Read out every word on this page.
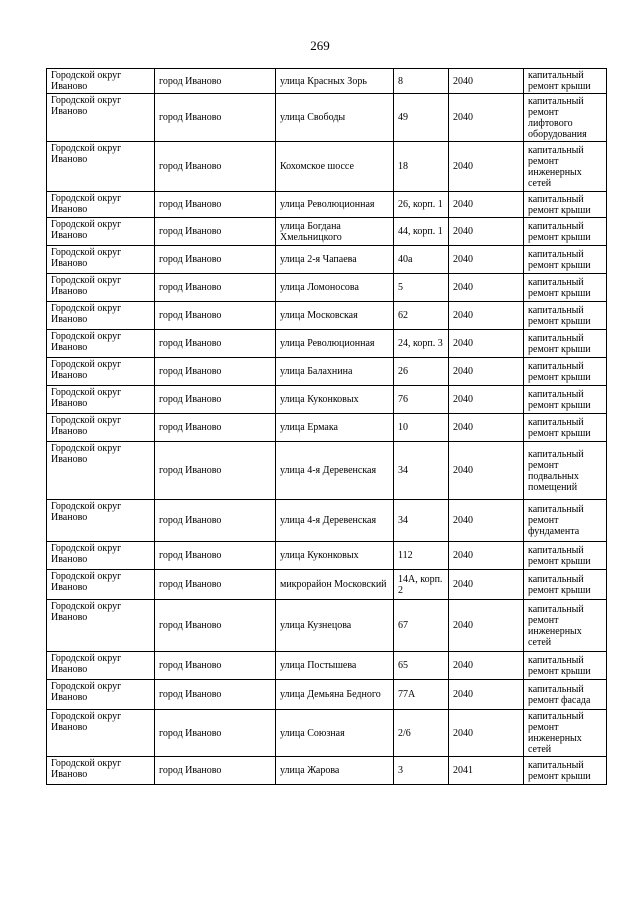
269
Городской округ Иваново	город Иваново	улица Красных Зорь	8	2040	капитальный ремонт крыши
Городской округ Иваново	город Иваново	улица Свободы	49	2040	капитальный ремонт лифтового оборудования
Городской округ Иваново	город Иваново	Кохомское шоссе	18	2040	капитальный ремонт инженерных сетей
Городской округ Иваново	город Иваново	улица Революционная	26, корп. 1	2040	капитальный ремонт крыши
Городской округ Иваново	город Иваново	улица Богдана Хмельницкого	44, корп. 1	2040	капитальный ремонт крыши
Городской округ Иваново	город Иваново	улица 2-я Чапаева	40а	2040	капитальный ремонт крыши
Городской округ Иваново	город Иваново	улица Ломоносова	5	2040	капитальный ремонт крыши
Городской округ Иваново	город Иваново	улица Московская	62	2040	капитальный ремонт крыши
Городской округ Иваново	город Иваново	улица Революционная	24, корп. 3	2040	капитальный ремонт крыши
Городской округ Иваново	город Иваново	улица Балахнина	26	2040	капитальный ремонт крыши
Городской округ Иваново	город Иваново	улица Куконковых	76	2040	капитальный ремонт крыши
Городской округ Иваново	город Иваново	улица Ермака	10	2040	капитальный ремонт крыши
Городской округ Иваново	город Иваново	улица 4-я Деревенская	34	2040	капитальный ремонт подвальных помещений
Городской округ Иваново	город Иваново	улица 4-я Деревенская	34	2040	капитальный ремонт фундамента
Городской округ Иваново	город Иваново	улица Куконковых	112	2040	капитальный ремонт крыши
Городской округ Иваново	город Иваново	микрорайон Московский	14А, корп. 2	2040	капитальный ремонт крыши
Городской округ Иваново	город Иваново	улица Кузнецова	67	2040	капитальный ремонт инженерных сетей
Городской округ Иваново	город Иваново	улица Постышева	65	2040	капитальный ремонт крыши
Городской округ Иваново	город Иваново	улица Демьяна Бедного	77А	2040	капитальный ремонт фасада
Городской округ Иваново	город Иваново	улица Союзная	2/6	2040	капитальный ремонт инженерных сетей
Городской округ Иваново	город Иваново	улица Жарова	3	2041	капитальный ремонт крыши
